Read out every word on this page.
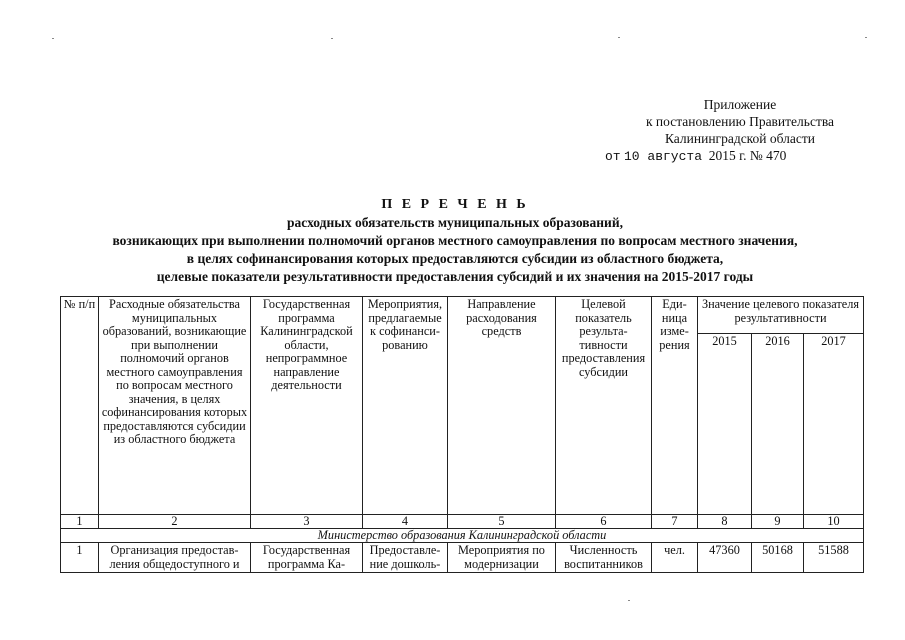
Приложение
к постановлению Правительства
Калининградской области
от 10 августа 2015 г. № 470
П Е Р Е Ч Е Н Ь
расходных обязательств муниципальных образований,
возникающих при выполнении полномочий органов местного самоуправления по вопросам местного значения,
в целях софинансирования которых предоставляются субсидии из областного бюджета,
целевые показатели результативности предоставления субсидий и их значения на 2015-2017 годы
№ п/п	Расходные обязательства муниципальных образований, возникающие при выполнении полномочий органов местного самоуправления по вопросам местного значения, в целях софинансирования которых предоставляются субсидии из областного бюджета	Государственная программа Калининградской области, непрограммное направление деятельности	Мероприятия, предлагаемые к софинанси-рованию	Направление расходования средств	Целевой показатель результа-тивности предоставления субсидии	Еди-ница изме-рения	Значение целевого показателя результативности		
							2015	2016	2017
1	2	3	4	5	6	7	8	9	10
Министерство образования Калининградской области									
1	Организация предостав-ления общедоступного и	Государственная программа Ка-	Предоставле-ние дошколь-	Мероприятия по модернизации	Численность воспитанников	чел.	47360	50168	51588
